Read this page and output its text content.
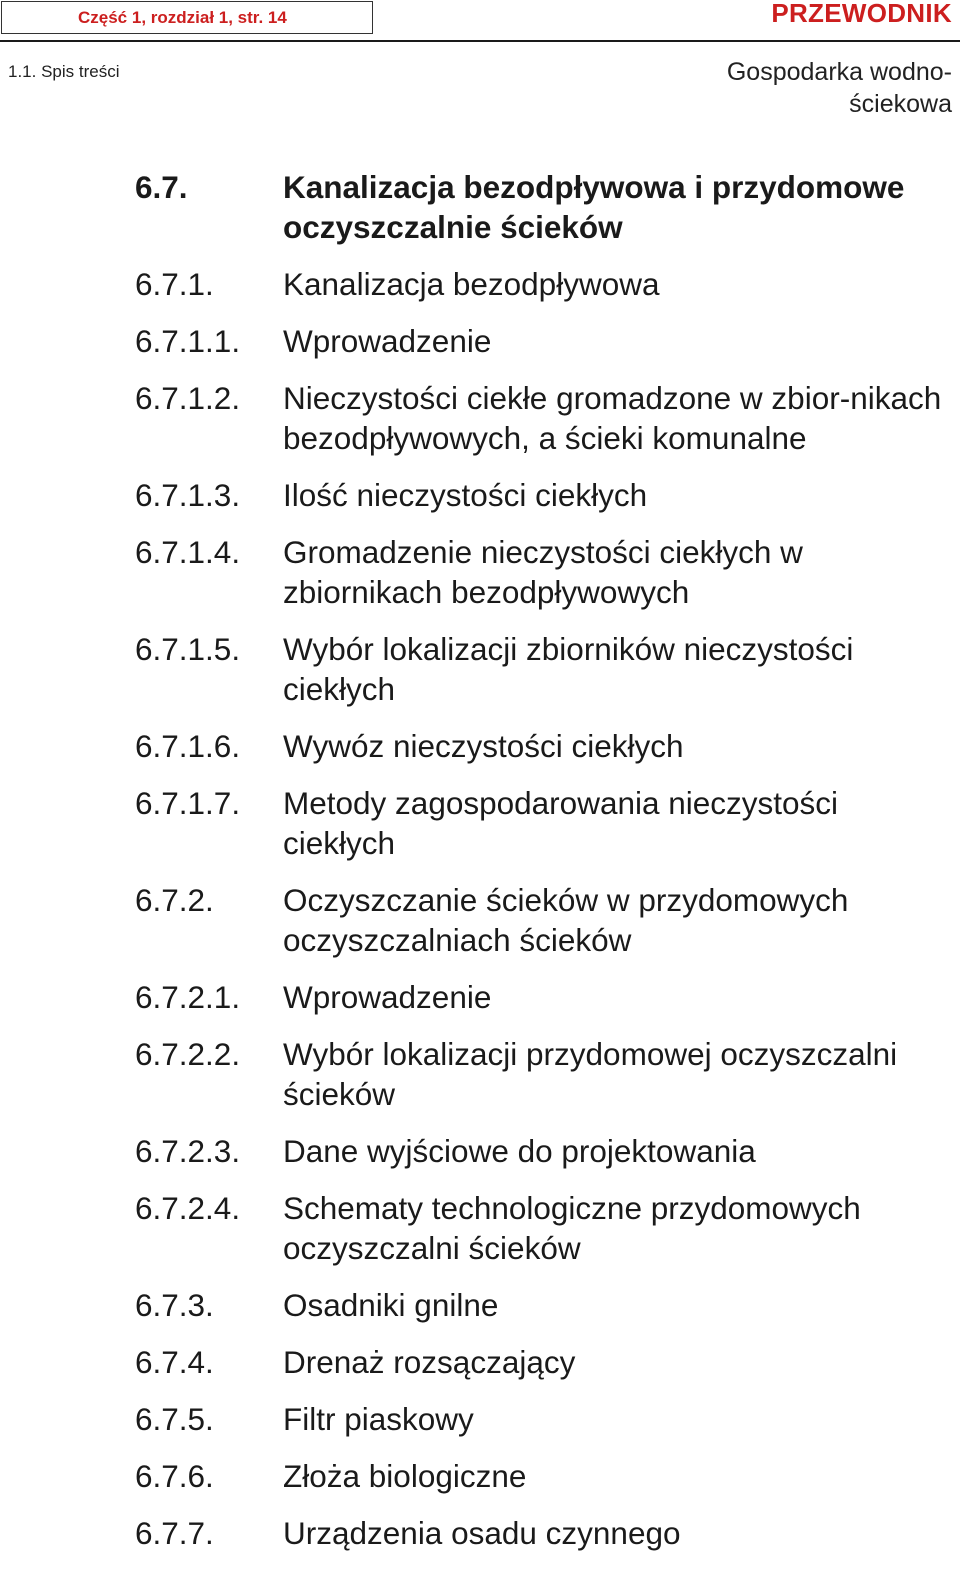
Część 1, rozdział 1, str. 14	PRZEWODNIK
1.1. Spis treści	Gospodarka wodno-ściekowa
6.7.	Kanalizacja bezodpływowa i przydomowe oczyszczalnie ścieków
6.7.1.	Kanalizacja bezodpływowa
6.7.1.1.	Wprowadzenie
6.7.1.2.	Nieczystości ciekłe gromadzone w zbior-nikach bezodpływowych, a ścieki komunalne
6.7.1.3.	Ilość nieczystości ciekłych
6.7.1.4.	Gromadzenie nieczystości ciekłych w zbiornikach bezodpływowych
6.7.1.5.	Wybór lokalizacji zbiorników nieczystości ciekłych
6.7.1.6.	Wywóz nieczystości ciekłych
6.7.1.7.	Metody zagospodarowania nieczystości ciekłych
6.7.2.	Oczyszczanie ścieków w przydomowych oczyszczalniach ścieków
6.7.2.1.	Wprowadzenie
6.7.2.2.	Wybór lokalizacji przydomowej oczyszczalni ścieków
6.7.2.3.	Dane wyjściowe do projektowania
6.7.2.4.	Schematy technologiczne przydomowych oczyszczalni ścieków
6.7.3.	Osadniki gnilne
6.7.4.	Drenaż rozsączający
6.7.5.	Filtr piaskowy
6.7.6.	Złoża biologiczne
6.7.7.	Urządzenia osadu czynnego
